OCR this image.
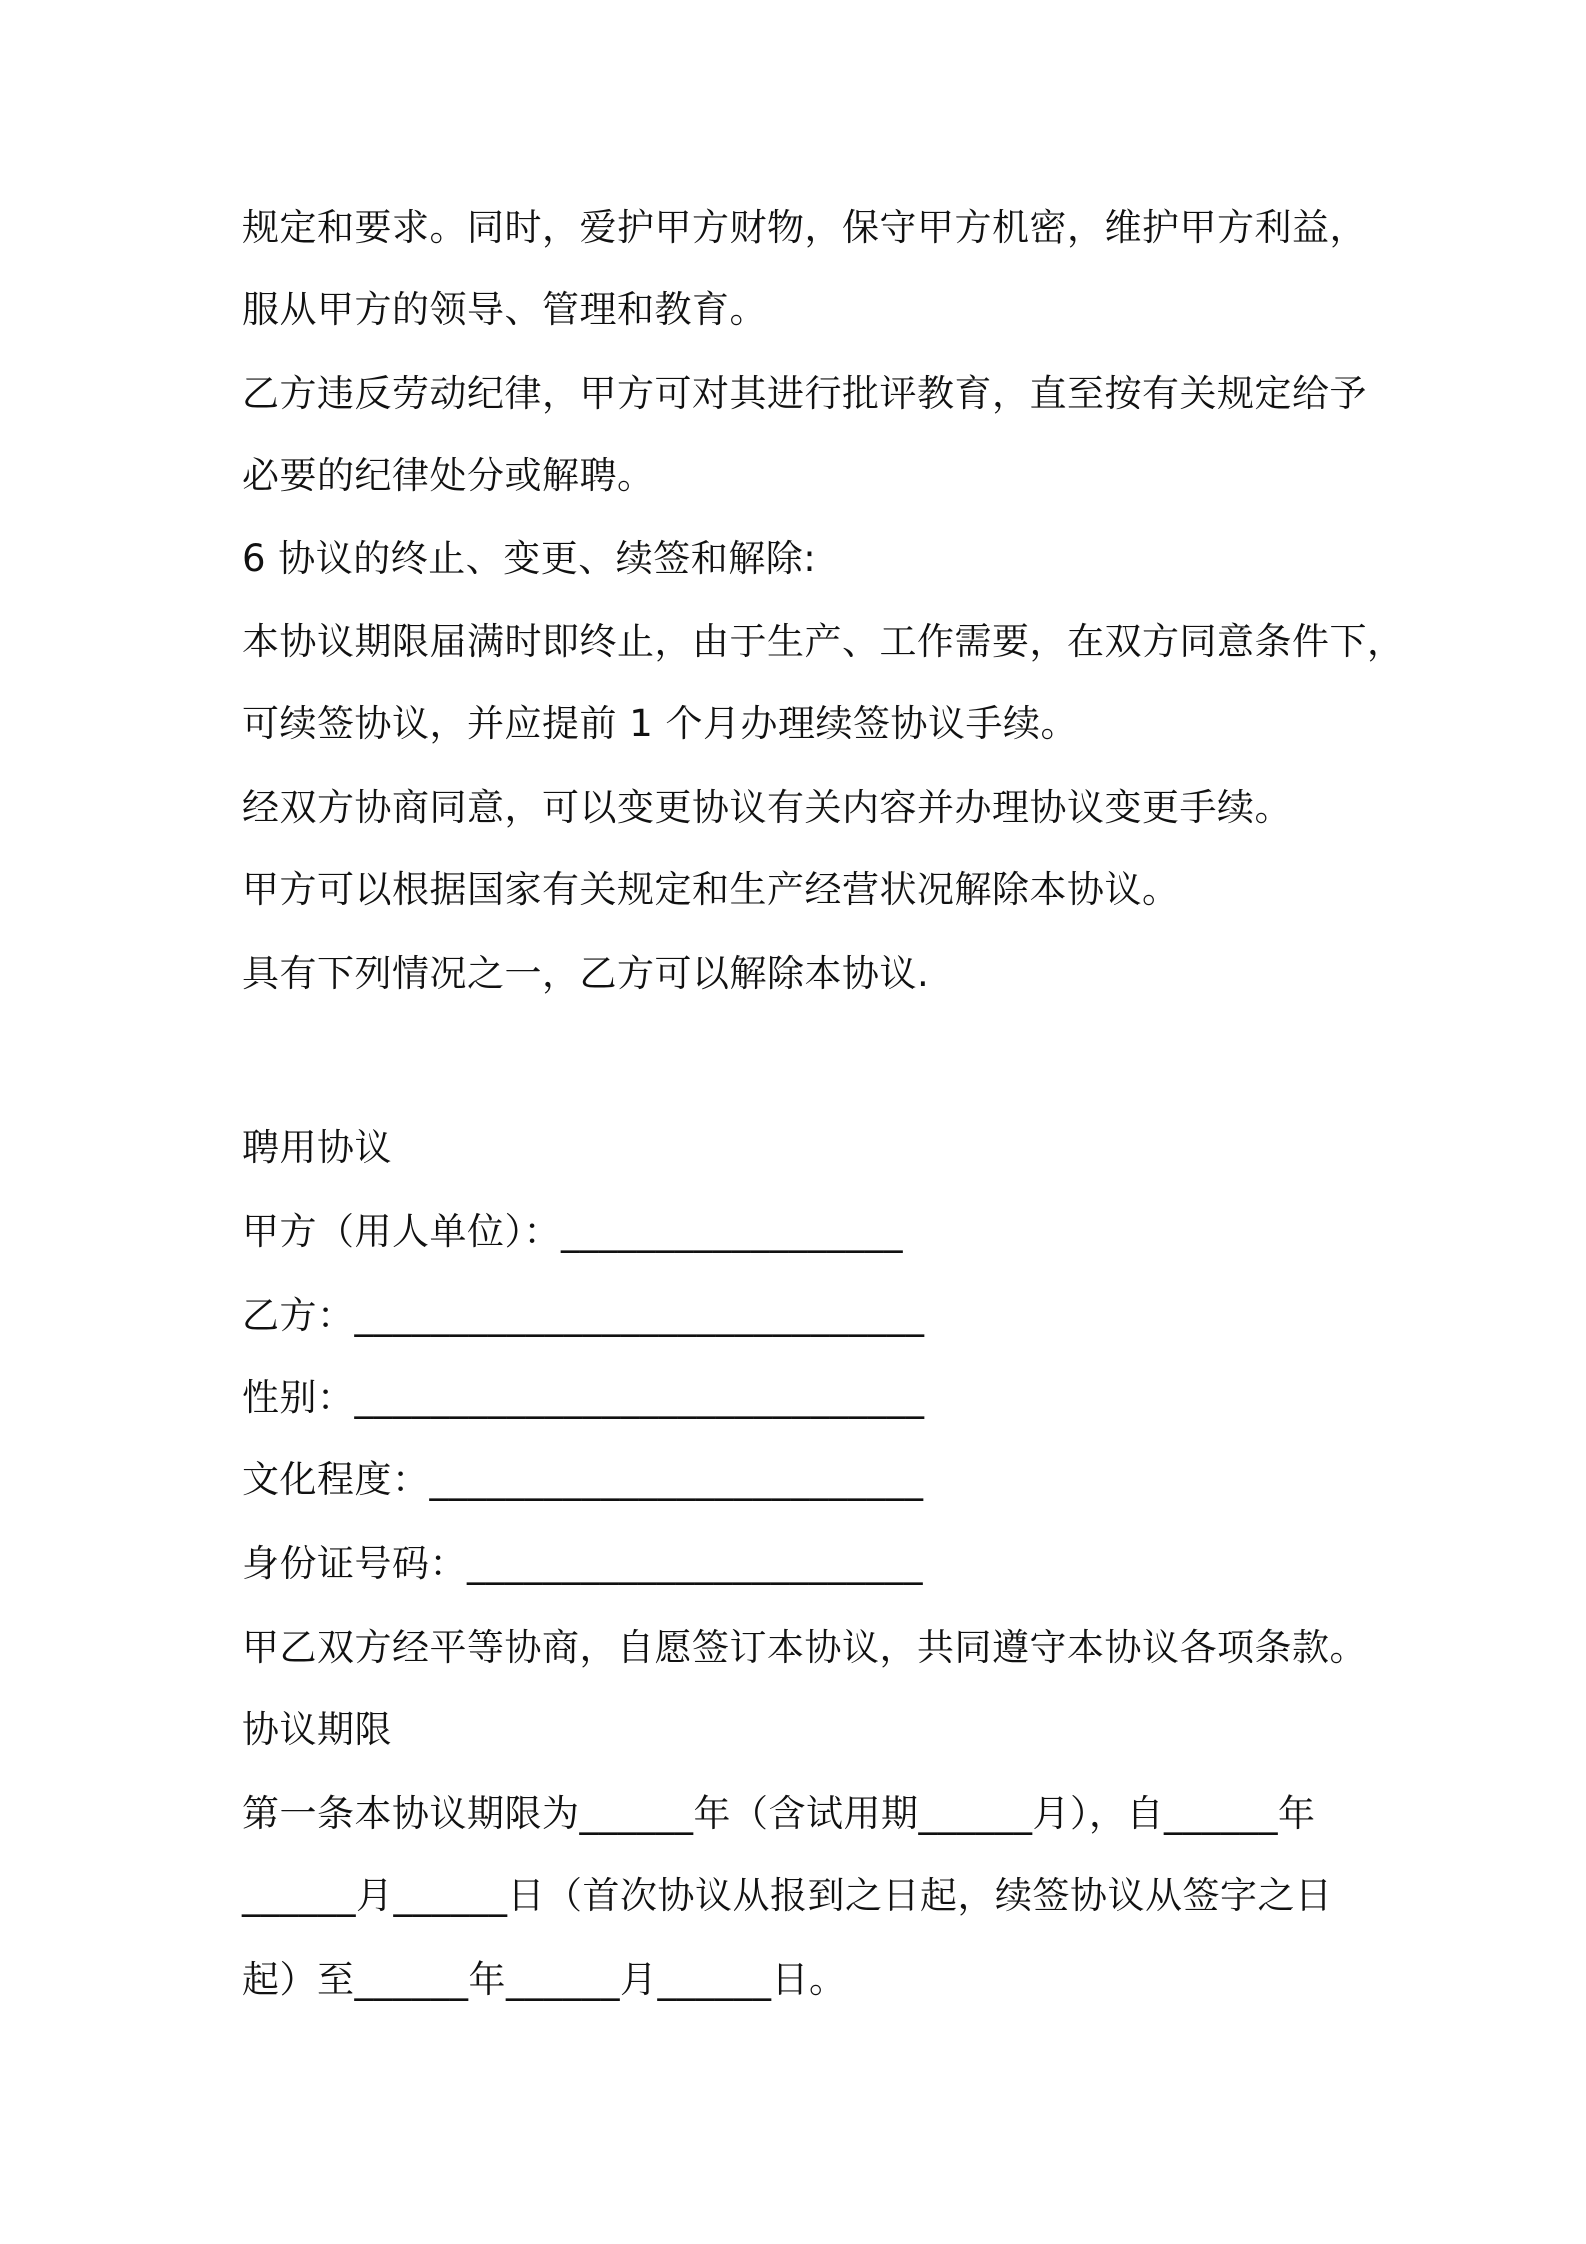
规定和要求。同时，爱护甲方财物，保守甲方机密，维护甲方利益，

服从甲方的领导、管理和教育。

乙方违反劳动纪律，甲方可对其进行批评教育，直至按有关规定给予

必要的纪律处分或解聘。

6 协议的终止、变更、续签和解除:

本协议期限届满时即终止，由于生产、工作需要，在双方同意条件下，

可续签协议，并应提前 1 个月办理续签协议手续。

经双方协商同意，可以变更协议有关内容并办理协议变更手续。

甲方可以根据国家有关规定和生产经营状况解除本协议。

具有下列情况之一，乙方可以解除本协议.

聘用协议

甲方（用人单位）：__________________

乙方：______________________________

性别：______________________________

文化程度：__________________________

身份证号码：________________________

甲乙双方经平等协商，自愿签订本协议，共同遵守本协议各项条款。

协议期限

第一条本协议期限为______年（含试用期______月），自______年

______月______日（首次协议从报到之日起，续签协议从签字之日

起）至______年______月______日。
